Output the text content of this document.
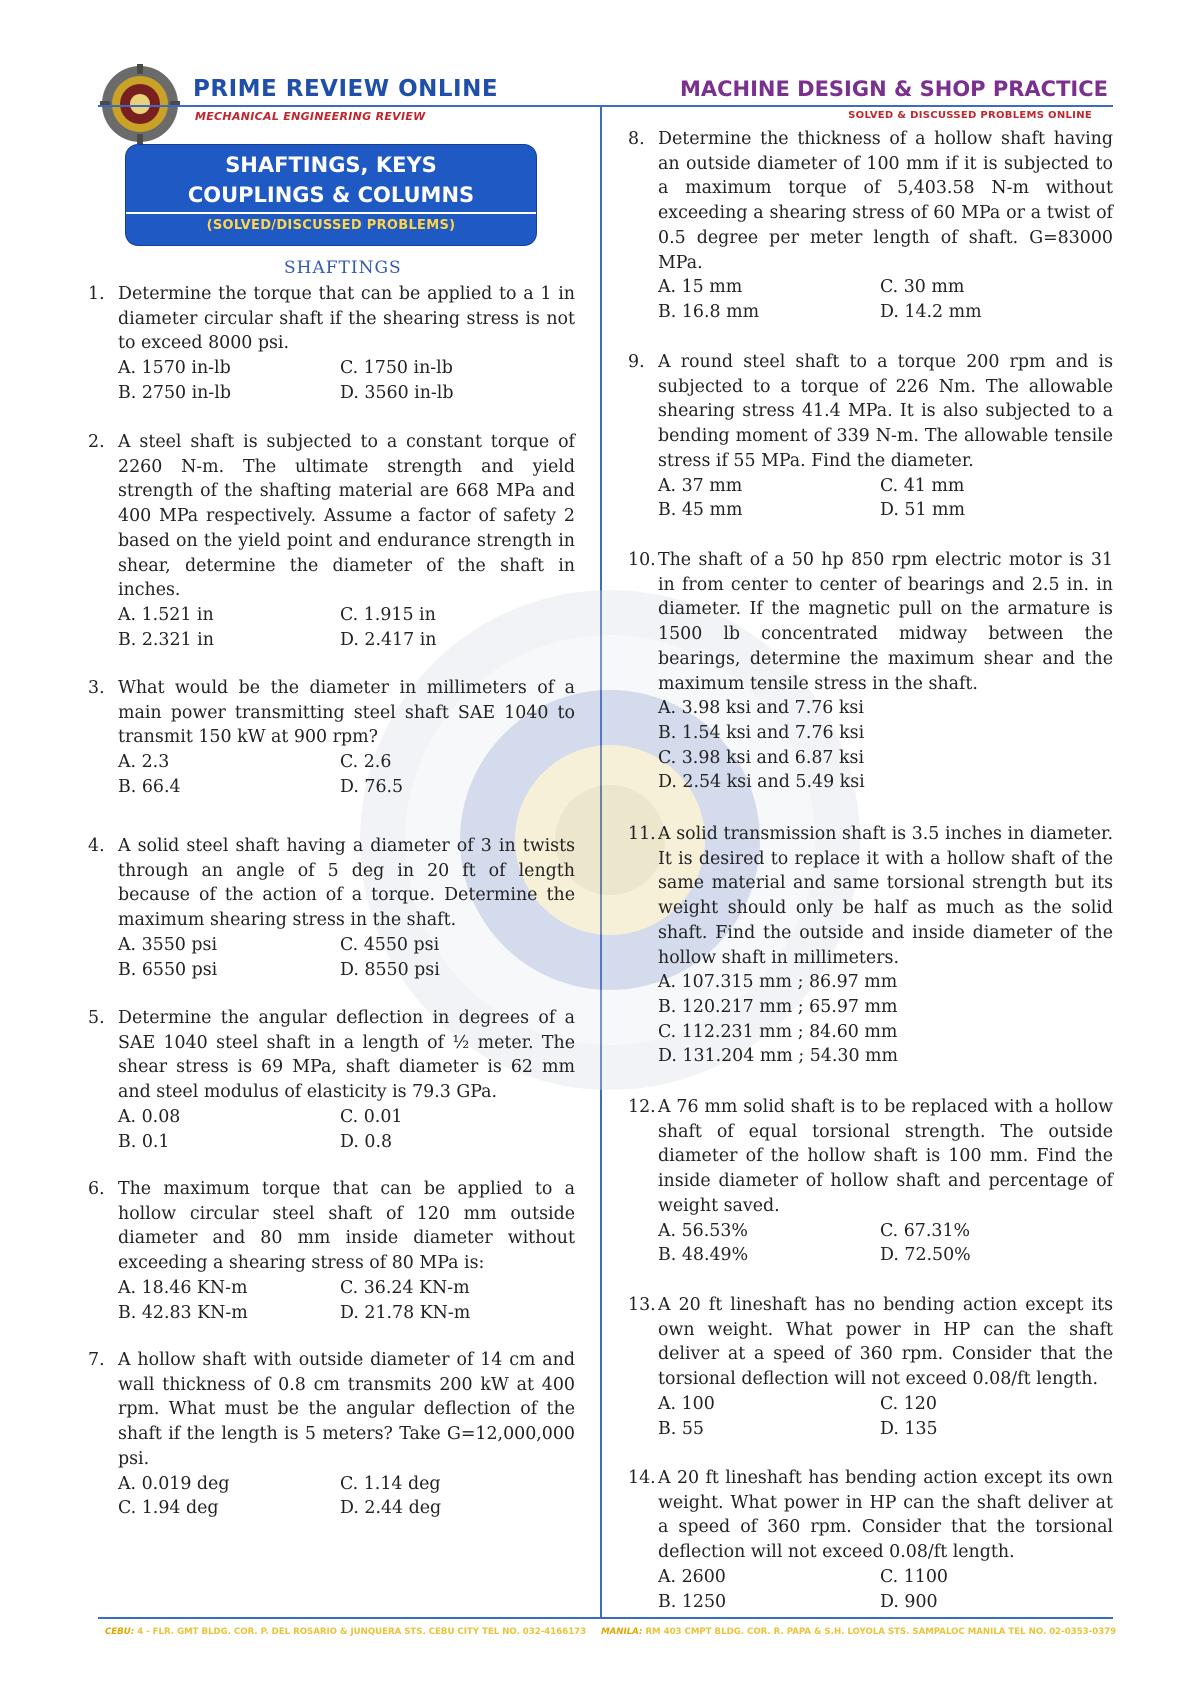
PRIME REVIEW ONLINE
MECHANICAL ENGINEERING REVIEW
MACHINE DESIGN & SHOP PRACTICE
SOLVED & DISCUSSED PROBLEMS ONLINE
SHAFTINGS, KEYS
COUPLINGS & COLUMNS
(SOLVED/DISCUSSED PROBLEMS)
SHAFTINGS
1. Determine the torque that can be applied to a 1 in diameter circular shaft if the shearing stress is not to exceed 8000 psi.
A. 1570 in-lb	C. 1750 in-lb
B. 2750 in-lb	D. 3560 in-lb
2. A steel shaft is subjected to a constant torque of 2260 N-m. The ultimate strength and yield strength of the shafting material are 668 MPa and 400 MPa respectively. Assume a factor of safety 2 based on the yield point and endurance strength in shear, determine the diameter of the shaft in inches.
A. 1.521 in	C. 1.915 in
B. 2.321 in	D. 2.417 in
3. What would be the diameter in millimeters of a main power transmitting steel shaft SAE 1040 to transmit 150 kW at 900 rpm?
A. 2.3	C. 2.6
B. 66.4	D. 76.5
4. A solid steel shaft having a diameter of 3 in twists through an angle of 5 deg in 20 ft of length because of the action of a torque. Determine the maximum shearing stress in the shaft.
A. 3550 psi	C. 4550 psi
B. 6550 psi	D. 8550 psi
5. Determine the angular deflection in degrees of a SAE 1040 steel shaft in a length of ½ meter. The shear stress is 69 MPa, shaft diameter is 62 mm and steel modulus of elasticity is 79.3 GPa.
A. 0.08	C. 0.01
B. 0.1	D. 0.8
6. The maximum torque that can be applied to a hollow circular steel shaft of 120 mm outside diameter and 80 mm inside diameter without exceeding a shearing stress of 80 MPa is:
A. 18.46 KN-m	C. 36.24 KN-m
B. 42.83 KN-m	D. 21.78 KN-m
7. A hollow shaft with outside diameter of 14 cm and wall thickness of 0.8 cm transmits 200 kW at 400 rpm. What must be the angular deflection of the shaft if the length is 5 meters? Take G=12,000,000 psi.
A. 0.019 deg	C. 1.14 deg
C. 1.94 deg	D. 2.44 deg
8. Determine the thickness of a hollow shaft having an outside diameter of 100 mm if it is subjected to a maximum torque of 5,403.58 N-m without exceeding a shearing stress of 60 MPa or a twist of 0.5 degree per meter length of shaft. G=83000 MPa.
A. 15 mm	C. 30 mm
B. 16.8 mm	D. 14.2 mm
9. A round steel shaft to a torque 200 rpm and is subjected to a torque of 226 Nm. The allowable shearing stress 41.4 MPa. It is also subjected to a bending moment of 339 N-m. The allowable tensile stress if 55 MPa. Find the diameter.
A. 37 mm	C. 41 mm
B. 45 mm	D. 51 mm
10. The shaft of a 50 hp 850 rpm electric motor is 31 in from center to center of bearings and 2.5 in. in diameter. If the magnetic pull on the armature is 1500 lb concentrated midway between the bearings, determine the maximum shear and the maximum tensile stress in the shaft.
A. 3.98 ksi and 7.76 ksi
B. 1.54 ksi and 7.76 ksi
C. 3.98 ksi and 6.87 ksi
D. 2.54 ksi and 5.49 ksi
11. A solid transmission shaft is 3.5 inches in diameter. It is desired to replace it with a hollow shaft of the same material and same torsional strength but its weight should only be half as much as the solid shaft. Find the outside and inside diameter of the hollow shaft in millimeters.
A. 107.315 mm ; 86.97 mm
B. 120.217 mm ; 65.97 mm
C. 112.231 mm ; 84.60 mm
D. 131.204 mm ; 54.30 mm
12. A 76 mm solid shaft is to be replaced with a hollow shaft of equal torsional strength. The outside diameter of the hollow shaft is 100 mm. Find the inside diameter of hollow shaft and percentage of weight saved.
A. 56.53%	C. 67.31%
B. 48.49%	D. 72.50%
13. A 20 ft lineshaft has no bending action except its own weight. What power in HP can the shaft deliver at a speed of 360 rpm. Consider that the torsional deflection will not exceed 0.08/ft length.
A. 100	C. 120
B. 55	D. 135
14. A 20 ft lineshaft has bending action except its own weight. What power in HP can the shaft deliver at a speed of 360 rpm. Consider that the torsional deflection will not exceed 0.08/ft length.
A. 2600	C. 1100
B. 1250	D. 900
CEBU: 4 - FLR. GMT BLDG. COR. P. DEL ROSARIO & JUNQUERA STS. CEBU CITY TEL NO. 032-4166173 MANILA: RM 403 CMPT BLDG. COR. R. PAPA & S.H. LOYOLA STS. SAMPALOC MANILA TEL NO. 02-0353-0379
